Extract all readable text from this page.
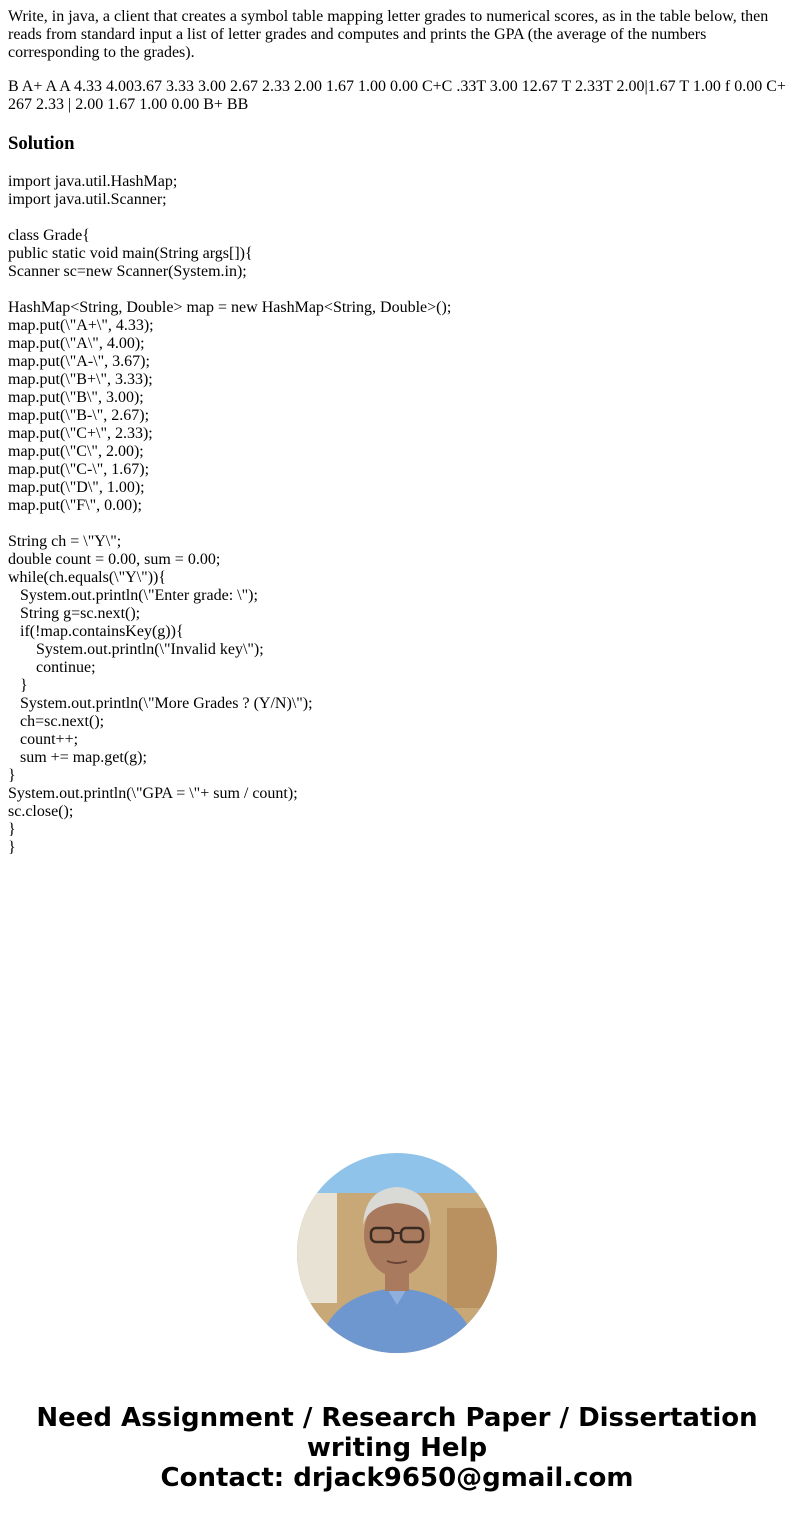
Write, in java, a client that creates a symbol table mapping letter grades to numerical scores, as in the table below, then reads from standard input a list of letter grades and computes and prints the GPA (the average of the numbers corresponding to the grades).

B A+ A A 4.33 4.003.67 3.33 3.00 2.67 2.33 2.00 1.67 1.00 0.00 C+C .33T 3.00 12.67 T 2.33T 2.00|1.67 T 1.00 f 0.00 C+ 267 2.33 | 2.00 1.67 1.00 0.00 B+ BB

Solution
import java.util.HashMap;
import java.util.Scanner;
class Grade{
public static void main(String args[]){
Scanner sc=new Scanner(System.in);
HashMap<String, Double> map = new HashMap<String, Double>();
map.put(\"A+\", 4.33);
map.put(\"A\", 4.00);
map.put(\"A-\", 3.67);
map.put(\"B+\", 3.33);
map.put(\"B\", 3.00);
map.put(\"B-\", 2.67);
map.put(\"C+\", 2.33);
map.put(\"C\", 2.00);
map.put(\"C-\", 1.67);
map.put(\"D\", 1.00);
map.put(\"F\", 0.00);
String ch = \"Y\";
double count = 0.00, sum = 0.00;
while(ch.equals(\"Y\")){
System.out.println(\"Enter grade: \");
String g=sc.next();
if(!map.containsKey(g)){
System.out.println(\"Invalid key\");
continue;
}
System.out.println(\"More Grades ? (Y/N)\");
ch=sc.next();
count++;
sum += map.get(g);
}
System.out.println(\"GPA = \"+ sum / count);
sc.close();
}
}
Need Assignment / Research Paper / Dissertation
writing Help
Contact: drjack9650@gmail.com
